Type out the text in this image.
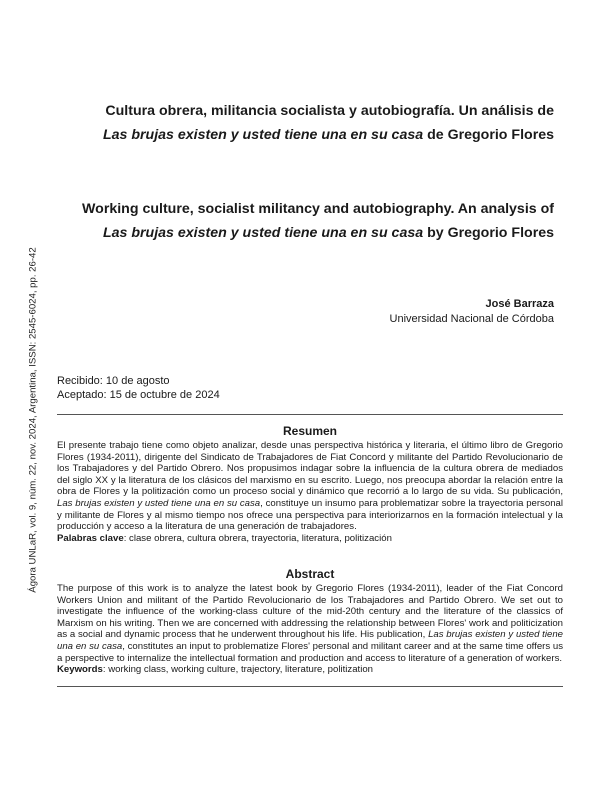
Ágora UNLaR, vol. 9, núm. 22, nov. 2024, Argentina, ISSN: 2545-6024, pp. 26-42
Cultura obrera, militancia socialista y autobiografía. Un análisis de
Las brujas existen y usted tiene una en su casa de Gregorio Flores
Working culture, socialist militancy and autobiography. An analysis of
Las brujas existen y usted tiene una en su casa by Gregorio Flores
José Barraza
Universidad Nacional de Córdoba
Recibido: 10 de agosto
Aceptado: 15 de octubre de 2024
Resumen

El presente trabajo tiene como objeto analizar, desde unas perspectiva histórica y literaria, el último libro de Gregorio Flores (1934-2011), dirigente del Sindicato de Trabajadores de Fiat Concord y militante del Partido Revolucionario de los Trabajadores y del Partido Obrero. Nos propusimos indagar sobre la influencia de la cultura obrera de mediados del siglo XX y la literatura de los clásicos del marxismo en su escrito. Luego, nos preocupa abordar la relación entre la obra de Flores y la politización como un proceso social y dinámico que recorrió a lo largo de su vida. Su publicación, Las brujas existen y usted tiene una en su casa, constituye un insumo para problematizar sobre la trayectoria personal y militante de Flores y al mismo tiempo nos ofrece una perspectiva para interiorizarnos en la formación intelectual y la producción y acceso a la literatura de una generación de trabajadores.

Palabras clave: clase obrera, cultura obrera, trayectoria, literatura, politización

Abstract

The purpose of this work is to analyze the latest book by Gregorio Flores (1934-2011), leader of the Fiat Concord Workers Union and militant of the Partido Revolucionario de los Trabajadores and Partido Obrero. We set out to investigate the influence of the working-class culture of the mid-20th century and the literature of the classics of Marxism on his writing. Then we are concerned with addressing the relationship between Flores' work and politicization as a social and dynamic process that he underwent throughout his life. His publication, Las brujas existen y usted tiene una en su casa, constitutes an input to problematize Flores' personal and militant career and at the same time offers us a perspective to internalize the intellectual formation and production and access to literature of a generation of workers.

Keywords: working class, working culture, trajectory, literature, politization
